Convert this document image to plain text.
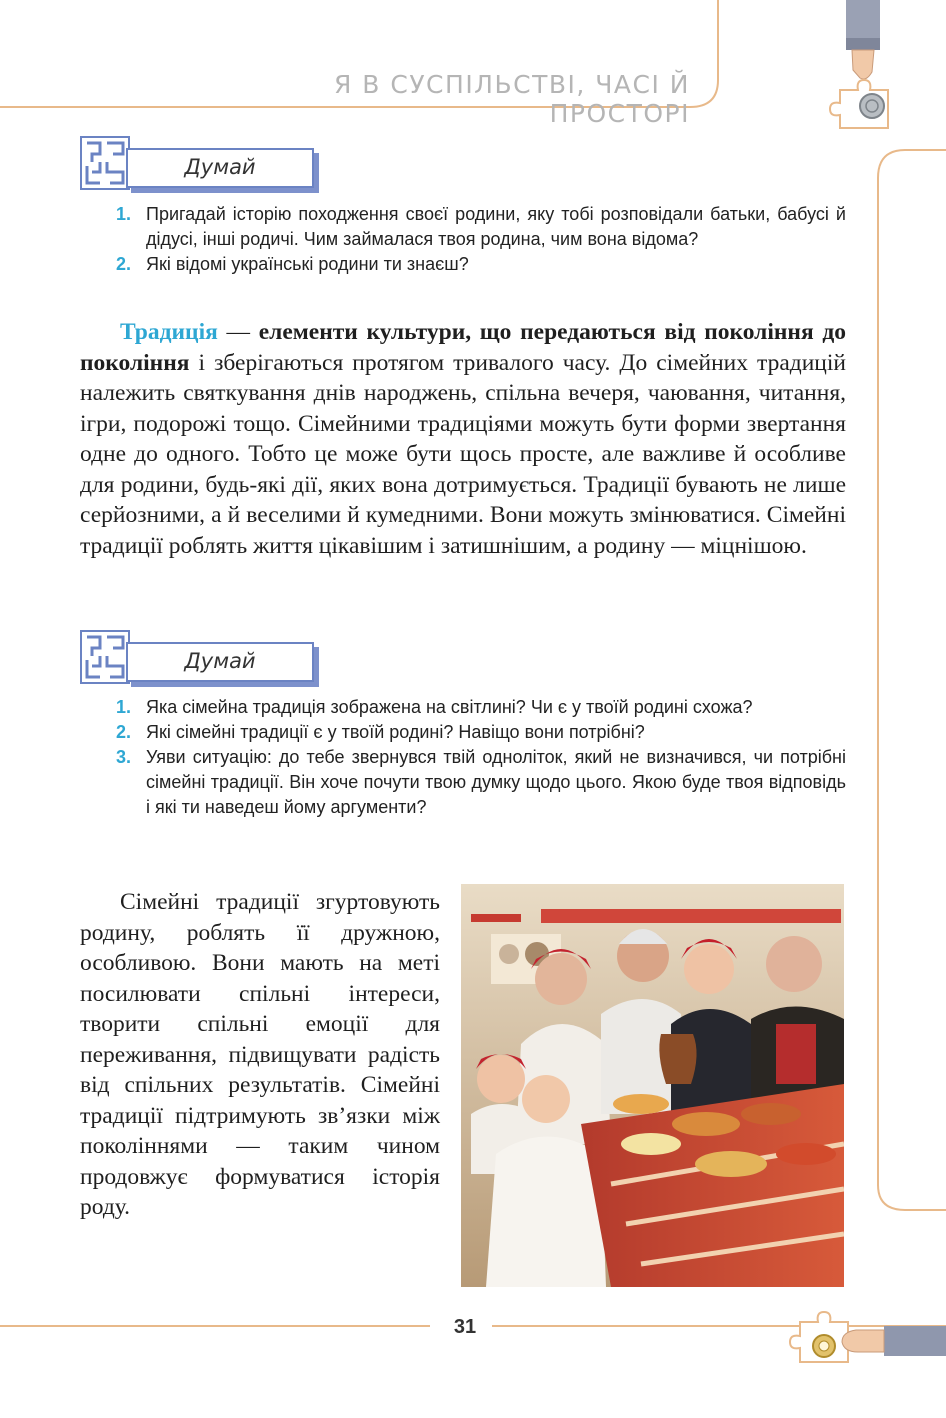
Я В СУСПІЛЬСТВІ, ЧАСІ Й ПРОСТОРІ
Думай
1. Пригадай історію походження своєї родини, яку тобі розповідали батьки, бабусі й дідусі, інші родичі. Чим займалася твоя родина, чим вона відома?
2. Які відомі українські родини ти знаєш?
Традиція — елементи культури, що передаються від покоління до покоління і зберігаються протягом тривалого часу. До сімейних традицій належить святкування днів народжень, спільна вечеря, чаювання, читання, ігри, подорожі тощо. Сімейними традиціями можуть бути форми звертання одне до одного. Тобто це може бути щось просте, але важливе й особливе для родини, будь-які дії, яких вона дотримується. Традиції бувають не лише серйозними, а й веселими й кумедними. Вони можуть змінюватися. Сімейні традиції роблять життя цікавішим і затишнішим, а родину — міцнішою.
Думай
1. Яка сімейна традиція зображена на світлині? Чи є у твоїй родині схожа?
2. Які сімейні традиції є у твоїй родині? Навіщо вони потрібні?
3. Уяви ситуацію: до тебе звернувся твій одноліток, який не визначився, чи потрібні сімейні традиції. Він хоче почути твою думку щодо цього. Якою буде твоя відповідь і які ти наведеш йому аргументи?
Сімейні традиції згуртовують родину, роблять її дружною, особливою. Вони мають на меті посилювати спільні інтереси, творити спільні емоції для переживання, підвищувати радість від спільних результатів. Сімейні традиції підтримують зв’язки між поколіннями — таким чином продовжує формуватися історія роду.
31
